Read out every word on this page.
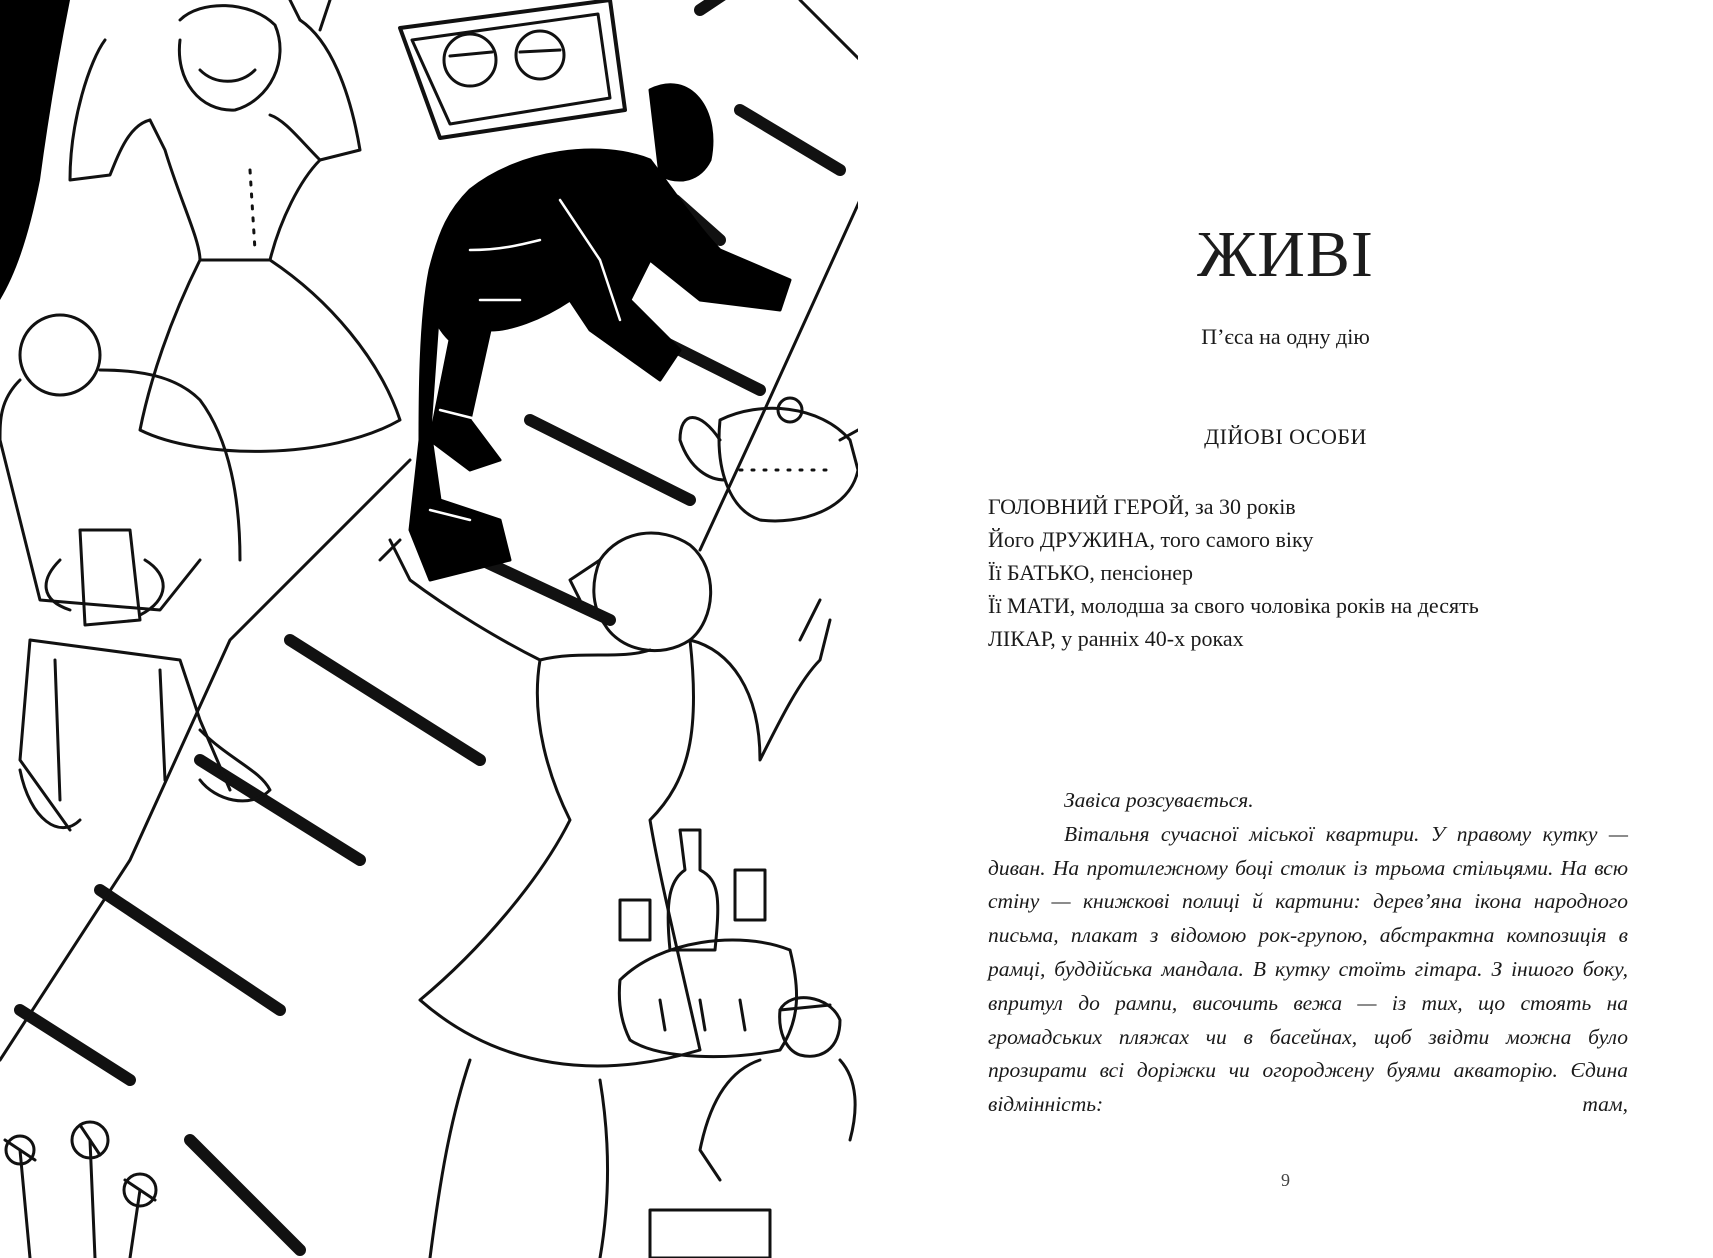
ЖИВІ
П’єса на одну дію
ДІЙОВІ ОСОБИ
ГОЛОВНИЙ ГЕРОЙ, за 30 років
Його ДРУЖИНА, того самого віку
Її БАТЬКО, пенсіонер
Її МАТИ, молодша за свого чоловіка років на десять
ЛІКАР, у ранніх 40-х роках

Завіса розсувається.

Вітальня сучасної міської квартири. У правому кутку — диван. На протилежному боці столик із трьома стільцями. На всю стіну — книжкові полиці й картини: дерев’яна ікона народного письма, плакат з відомою рок-групою, абстрактна композиція в рамці, буддійська мандала. В кутку стоїть гітара. З іншого боку, впритул до рампи, височить вежа — із тих, що стоять на громадських пляжах чи в басейнах, щоб звідти можна було прозирати всі доріжки чи огороджену буями акваторію. Єдина відмінність: там,

9
